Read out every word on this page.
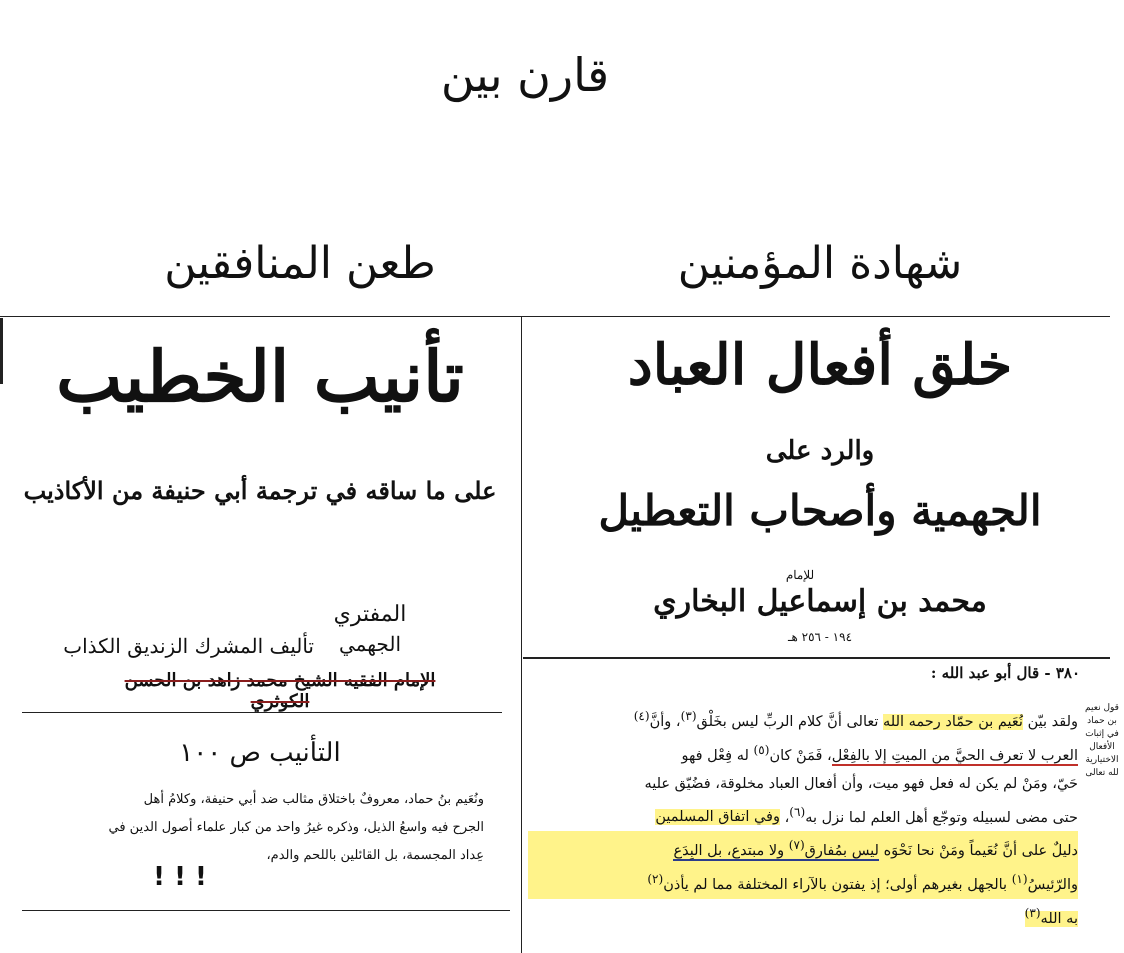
قارن بين
شهادة المؤمنين
طعن المنافقين
خلق أفعال العباد
والرد على
الجهمية وأصحاب التعطيل
للإمام
محمد بن إسماعيل البخاري
١٩٤ - ٢٥٦ هـ
٣٨٠ - قال أبو عبد الله :
قول نعيم بن حماد في إثبات الأفعال الاختيارية لله تعالى
ولقد بيّن نُعَيم بن حمّاد رحمه الله تعالى أنَّ كلام الربِّ ليس بخَلْق$^{(٣)}$، وأنَّ$^{(٤)}$
العرب لا تعرف الحيَّ من الميتِ إلا بالفِعْل، فَمَنْ كان$^{(٥)}$ له فِعْل فهو
حَيّ، ومَنْ لم يكن له فعل فهو ميت، وأن أفعال العباد مخلوقة، فضُيّق عليه
حتى مضى لسبيله وتوجّع أهل العلم لما نزل به$^{(٦)}$، وفي اتفاق المسلمين
دليلٌ على أنَّ نُعَيماً ومَنْ نحا نَحْوَه ليس بمُفارق$^{(٧)}$ ولا مبتدع، بل البِدَع
والرّئيسُ$^{(١)}$ بالجهل بغيرهم أولى؛ إذ يفتون بالآراء المختلفة مما لم يأذن$^{(٢)}$
به الله$^{(٣)}$
تأنيب الخطيب
على ما ساقه في ترجمة أبي حنيفة من الأكاذيب
المفتري
الجهمي
تأليف المشرك الزنديق الكذاب
الإمام الفقيه الشيخ محمد زاهد بن الحسن الكوثري
التأنيب ص ١٠٠
ونُعَيم بنُ حماد، معروفٌ باختلاق مثالب ضد أبي حنيفة، وكلامُ أهل
الجرح فيه واسعُ الذيل، وذكره غيرُ واحد من كبار علماء أصول الدين في
عِداد المجسمة، بل القائلين باللحم والدم،
! ! !
